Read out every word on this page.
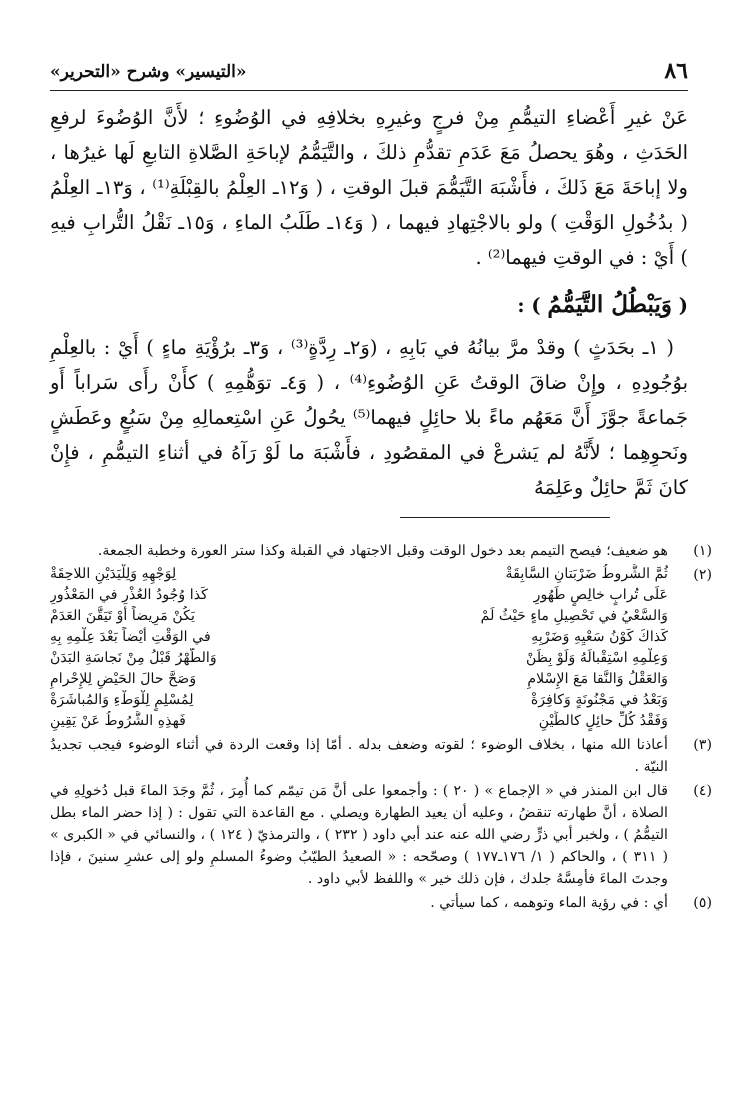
«التيسير» وشرح «التحرير»	٨٦

عَنْ غيرِ أَعْضاءِ التيمُّمِ مِنْ فرجٍ وغيرِهِ بخلافِهِ في الوُضُوءِ ؛ لأَنَّ الوُضُوءَ لرفعِ الحَدَثِ ، وهُوَ يحصلُ مَعَ عَدَمِ تقدُّمِ ذلكَ ، والتَّيَمُّمُ لإباحَةِ الصَّلاةِ التابعِ لَها غيرُها ، ولا إباحَةَ مَعَ ذَلكَ ، فأَشْبَهَ التَّيَمُّمَ قبلَ الوقتِ ، ( وَ١٢ـ العِلْمُ بالقِبْلَةِ⁽¹⁾ ، وَ١٣ـ العِلْمُ ( بدُخُولِ الوَقْتِ ) ولو بالاجْتِهادِ فيهما ، ( وَ١٤ـ طَلَبُ الماءِ ، وَ١٥ـ نَقْلُ التُّرابِ فيهِ ) أَيْ : في الوقتِ فيهما⁽²⁾ .

( وَيَبْطُلُ التَّيَمُّمُ ) :

( ١ـ بحَدَثٍ ) وقدْ مرَّ بيانُهُ في بَابِهِ ، (وَ٢ـ رِدَّةٍ⁽³⁾ ، وَ٣ـ برُؤْيَةِ ماءٍ ) أَيْ : بالعِلْمِ بوُجُودِهِ ، وإِنْ ضاقَ الوقتُ عَنِ الوُضُوءِ⁽⁴⁾ ، ( وَ٤ـ توَهُّمِهِ ) كأَنْ رأَى سَراباً أَو جَماعةً جوَّزَ أَنَّ مَعَهُم ماءً بلا حائِلٍ فيهما⁽⁵⁾ يحُولُ عَنِ اسْتِعمالِهِ مِنْ سَبُعٍ وعَطَشٍ ونَحوِهِما ؛ لأَنَّهُ لم يَشرعْ في المقصُودِ ، فأَشْبَهَ ما لَوْ رَآهُ في أثناءِ التيمُّمِ ، فإِنْ كانَ ثَمَّ حائِلٌ وعَلِمَهُ

(١)
هو ضعيف؛ فيصح التيمم بعد دخول الوقت وقبل الاجتهاد في القبلة وكذا ستر العورة وخطبة الجمعة.
(٢)
ثُمَّ الشُّروطُ ضَرْبَتانِ السَّابِقَةْ
لِوَجْهِهِ وَلِلْيَدَيْنِ اللاحِقَةْ
عَلَى تُرابٍ خالِصٍ طَهُورِ
كَذا وُجُودُ العُذْرِ في المَعْذُورِ
وَالسَّعْيُ في تَحْصِيلِ ماءٍ حَيْثُ لَمْ
يَكُنْ مَرِيضاً أَوْ تَيَقَّنَ العَدَمْ
كَذاكَ كَوْنُ سَعْيِهِ وَضَرْبِهِ
في الوَقْتِ أَيْضاً بَعْدَ عِلْمِهِ بِهِ
وَعِلْمِهِ اسْتِقْبالَهُ وَلَوْ بِظَنْ
وَالطُّهْرُ قَبْلُ مِنْ نَجاسَةِ البَدَنْ
وَالعَقْلُ وَالنَّقا مَعَ الإِسْلامِ
وَصَحَّ حالَ الحَيْضِ لِلإِحْرامِ
وَبَعْدُ في مَجْنُونَةٍ وَكافِرَةْ
لِمُسْلِمٍ لِلْوَطْءِ وَالمُباشَرَةْ
وَفَقْدُ كُلِّ حائِلٍ كالطِّيْنِ
فَهذِهِ الشُّرُوطُ عَنْ يَقِينِ
(٣)
أعاذنا الله منها ، بخلاف الوضوء ؛ لقوته وضعف بدله . أمّا إذا وقعت الردة في أثناء الوضوء فيجب تجديدُ النيّة .
(٤)
قال ابن المنذر في « الإجماع » ( ٢٠ ) : وأجمعوا على أنَّ مَن تيمّم كما أُمِرَ ، ثُمَّ وجَدَ الماءَ قبل دُخولِهِ في الصلاة ، أنَّ طهارته تنقضُ ، وعليه أن يعيد الطهارة ويصلي . مع القاعدة التي تقول : ( إذا حضر الماء بطل التيمُّمُ ) ، ولخبر أبي ذرٍّ رضي الله عنه عند أبي داود ( ٢٣٢ ) ، والترمذيّ ( ١٢٤ ) ، والنسائي في « الكبرى » ( ٣١١ ) ، والحاكم ( ١/ ١٧٦ـ١٧٧ ) وصحّحه : « الصعيدُ الطيّبُ وضوءُ المسلمِ ولو إلى عشرِ سنينَ ، فإذا وجدتَ الماءَ فأمِسَّهُ جلدك ، فإن ذلك خير » واللفظ لأبي داود .
(٥)
أي : في رؤية الماء وتوهمه ، كما سيأتي .
